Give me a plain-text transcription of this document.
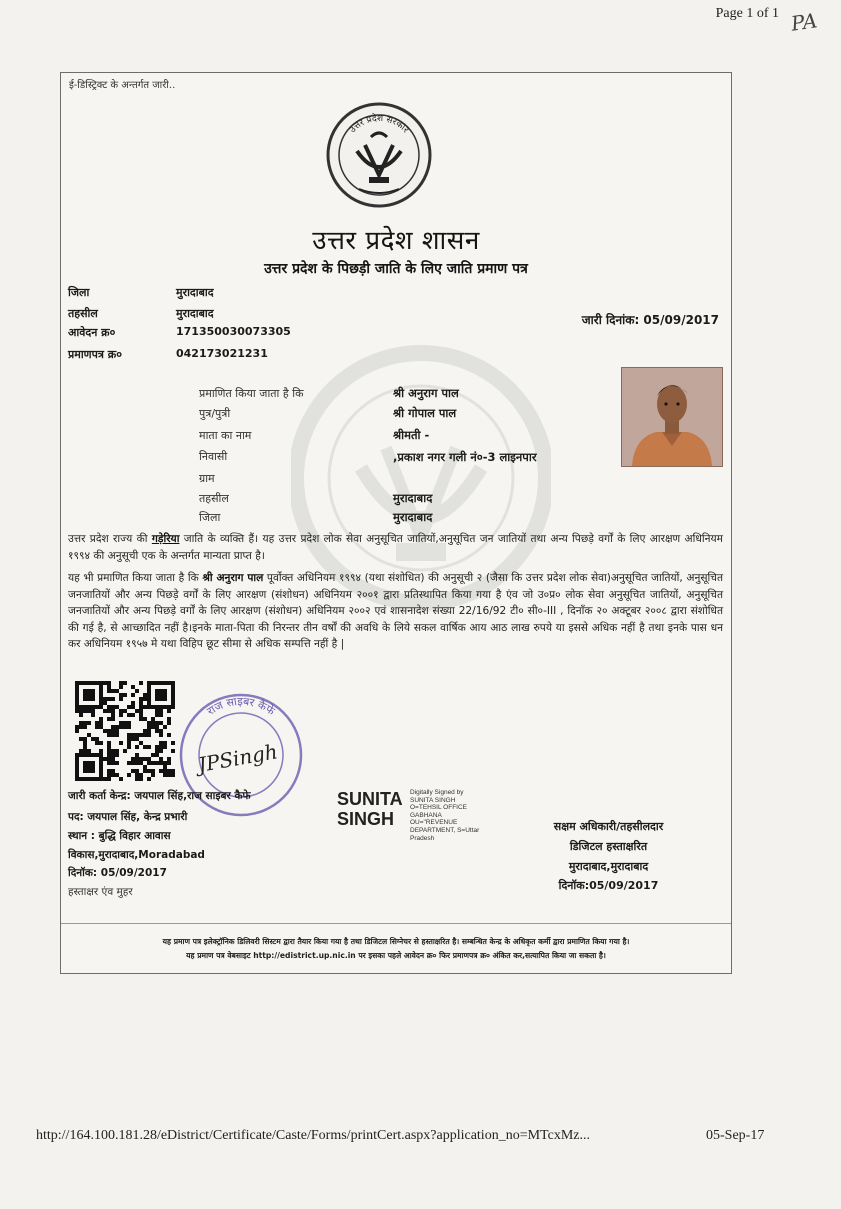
Page 1 of 1 PA
ई-डिस्ट्रिक्ट के अन्तर्गत जारी..
उत्तर प्रदेश सरकार
उत्तर प्रदेश शासन
उत्तर प्रदेश के पिछड़ी जाति के लिए जाति प्रमाण पत्र
जिला	मुरादाबाद
तहसील	मुरादाबाद
आवेदन क्र०	171350030073305
प्रमाणपत्र क्र०	042173021231
जारी दिनांक: 05/09/2017
प्रमाणित किया जाता है कि	श्री अनुराग पाल
पुत्र/पुत्री	श्री गोपाल पाल
माता का नाम	श्रीमती -
निवासी	,प्रकाश नगर गली नं०-3 लाइनपार
ग्राम
तहसील	मुरादाबाद
जिला	मुरादाबाद
उत्तर प्रदेश राज्य की गड़ेरिया जाति के व्यक्ति हैं। यह उत्तर प्रदेश लोक सेवा अनुसूचित जातियों,अनुसूचित जन जातियों तथा अन्य पिछड़े वर्गों के लिए आरक्षण अधिनियम १९९४ की अनुसूची एक के अन्तर्गत मान्यता प्राप्त है।
यह भी प्रमाणित किया जाता है कि श्री अनुराग पाल पूर्वोक्त अधिनियम १९९४ (यथा संशोधित) की अनुसूची २ (जैसा कि उत्तर प्रदेश लोक सेवा)अनुसूचित जातियों, अनुसूचित जनजातियों और अन्य पिछड़े वर्गों के लिए आरक्षण (संशोधन) अधिनियम २००१ द्वारा प्रतिस्थापित किया गया है एंव जो उ०प्र० लोक सेवा अनुसूचित जातियों, अनुसूचित जनजातियों और अन्य पिछड़े वर्गों के लिए आरक्षण (संशोधन) अधिनियम २००२ एवं शासनादेश संख्या 22/16/92 टी० सी०-III , दिनाँक २० अक्टूबर २००८ द्वारा संशोधित की गई है, से आच्छादित नहीं है।इनके माता-पिता की निरन्तर तीन वर्षों की अवधि के लिये सकल वार्षिक आय आठ लाख रुपये या इससे अधिक नहीं है तथा इनके पास धन कर अधिनियम १९५७ मे यथा विहिप छूट सीमा से अधिक सम्पत्ति नहीं है |
राज साइबर कैफे
JPSingh
जारी कर्ता केन्द्र: जयपाल सिंह,राज साइबर कैफे
पद: जयपाल सिंह, केन्द्र प्रभारी
स्थान : बुद्धि विहार आवास
विकास,मुरादाबाद,Moradabad
दिनॉक: 05/09/2017
हस्ताक्षर एंव मुहर
SUNITA
SINGH
Digitally Signed by
SUNITA SINGH
O=TEHSIL OFFICE
GABHANA
OU="REVENUE
DEPARTMENT, S=Uttar
Pradesh
सक्षम अधिकारी/तहसीलदार
डिजिटल हस्ताक्षरित
मुरादाबाद,मुरादाबाद
दिनॉक:05/09/2017
यह प्रमाण पत्र इलेक्ट्रॉनिक डिलिवरी सिस्टम द्वारा तैयार किया गया है तथा डिजिटल सिग्नेचर से हस्ताक्षरित है। सम्बन्धित केन्द्र के अधिकृत कर्मी द्वारा प्रमाणित किया गया है।
यह प्रमाण पत्र वेबसाइट http://edistrict.up.nic.in पर इसका पहले आवेदन क्र० फिर प्रमाणपत्र क्र० अंकित कर,सत्यापित किया जा सकता है।
http://164.100.181.28/eDistrict/Certificate/Caste/Forms/printCert.aspx?application_no=MTcxMz...	05-Sep-17
